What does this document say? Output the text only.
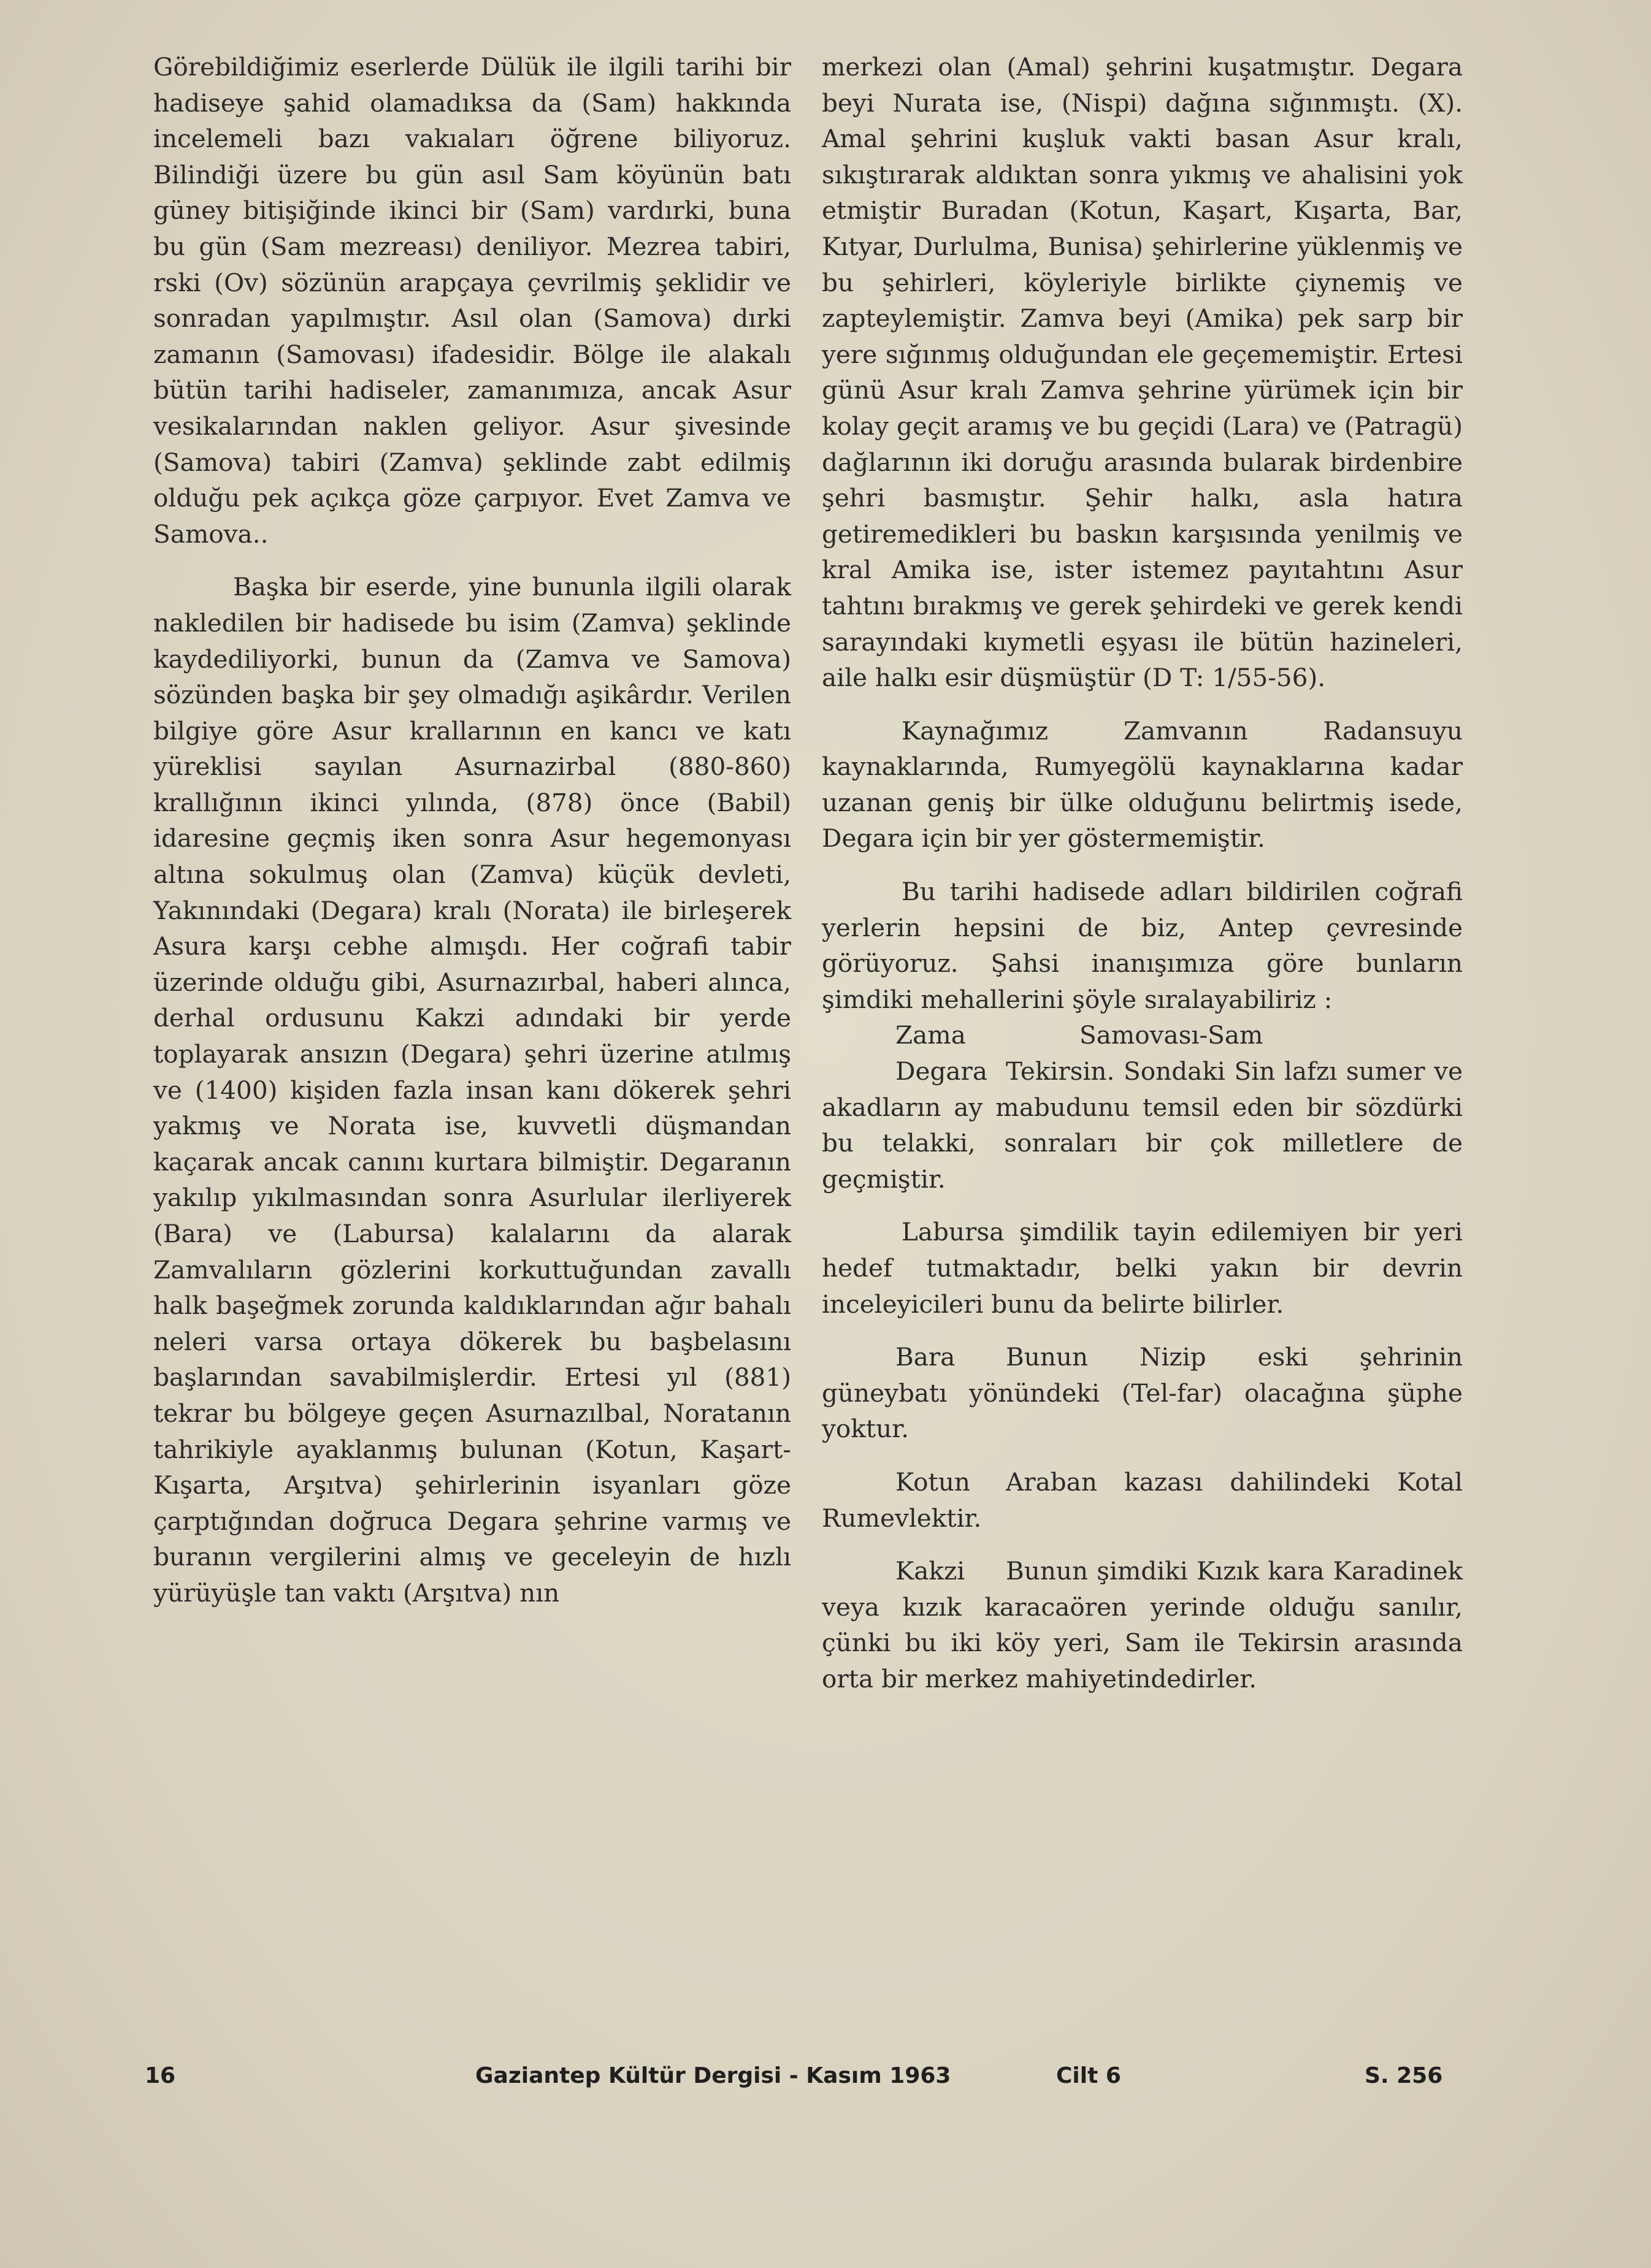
Görebildiğimiz eserlerde Dülük ile ilgili tarihi bir hadiseye şahid olamadıksa da (Sam) hakkında incelemeli bazı vakıaları öğrene biliyoruz. Bilindiği üzere bu gün asıl Sam köyünün batı güney bitişiğinde ikinci bir (Sam) vardırki, buna bu gün (Sam mezreası) deniliyor. Mezrea tabiri, rski (Ov) sözünün arapçaya çevrilmiş şeklidir ve sonradan yapılmıştır. Asıl olan (Samova) dırki zamanın (Samovası) ifadesidir. Bölge ile alakalı bütün tarihi hadiseler, zamanımıza, ancak Asur vesikalarından naklen geliyor. Asur şivesinde (Samova) tabiri (Zamva) şeklinde zabt edilmiş olduğu pek açıkça göze çarpıyor. Evet Zamva ve Samova..

Başka bir eserde, yine bununla ilgili olarak nakledilen bir hadisede bu isim (Zamva) şeklinde kaydediliyorki, bunun da (Zamva ve Samova) sözünden başka bir şey olmadığı aşikârdır. Verilen bilgiye göre Asur krallarının en kancı ve katı yüreklisi sayılan Asurnazirbal (880-860) krallığının ikinci yılında, (878) önce (Babil) idaresine geçmiş iken sonra Asur hegemonyası altına sokulmuş olan (Zamva) küçük devleti, Yakınındaki (Degara) kralı (Norata) ile birleşerek Asura karşı cebhe almışdı. Her coğrafi tabir üzerinde olduğu gibi, Asurnazırbal, haberi alınca, derhal ordusunu Kakzi adındaki bir yerde toplayarak ansızın (Degara) şehri üzerine atılmış ve (1400) kişiden fazla insan kanı dökerek şehri yakmış ve Norata ise, kuvvetli düşmandan kaçarak ancak canını kurtara bilmiştir. Degaranın yakılıp yıkılmasından sonra Asurlular ilerliyerek (Bara) ve (Labursa) kalalarını da alarak Zamvalıların gözlerini korkuttuğundan zavallı halk başeğmek zorunda kaldıklarından ağır bahalı neleri varsa ortaya dökerek bu başbelasını başlarından savabilmişlerdir. Ertesi yıl (881) tekrar bu bölgeye geçen Asurnazılbal, Noratanın tahrikiyle ayaklanmış bulunan (Kotun, Kaşart-Kışarta, Arşıtva) şehirlerinin isyanları göze çarptığından doğruca Degara şehrine varmış ve buranın vergilerini almış ve geceleyin de hızlı yürüyüşle tan vaktı (Arşıtva) nın

merkezi olan (Amal) şehrini kuşatmıştır. Degara beyi Nurata ise, (Nispi) dağına sığınmıştı. (X). Amal şehrini kuşluk vakti basan Asur kralı, sıkıştırarak aldıktan sonra yıkmış ve ahalisini yok etmiştir Buradan (Kotun, Kaşart, Kışarta, Bar, Kıtyar, Durlulma, Bunisa) şehirlerine yüklenmiş ve bu şehirleri, köyleriyle birlikte çiynemiş ve zapteylemiştir. Zamva beyi (Amika) pek sarp bir yere sığınmış olduğundan ele geçememiştir. Ertesi günü Asur kralı Zamva şehrine yürümek için bir kolay geçit aramış ve bu geçidi (Lara) ve (Patragü) dağlarının iki doruğu arasında bularak birdenbire şehri basmıştır. Şehir halkı, asla hatıra getiremedikleri bu baskın karşısında yenilmiş ve kral Amika ise, ister istemez payıtahtını Asur tahtını bırakmış ve gerek şehirdeki ve gerek kendi sarayındaki kıymetli eşyası ile bütün hazineleri, aile halkı esir düşmüştür (D T: 1/55-56).

Kaynağımız Zamvanın Radansuyu kaynaklarında, Rumyegölü kaynaklarına kadar uzanan geniş bir ülke olduğunu belirtmiş isede, Degara için bir yer göstermemiştir.

Bu tarihi hadisede adları bildirilen coğrafi yerlerin hepsini de biz, Antep çevresinde görüyoruz. Şahsi inanışımıza göre bunların şimdiki mehallerini şöyle sıralayabiliriz :

Zama	Samovası-Sam

Degara Tekirsin. Sondaki Sin lafzı sumer ve akadların ay mabudunu temsil eden bir sözdürki bu telakki, sonraları bir çok milletlere de geçmiştir.

Labursa şimdilik tayin edilemiyen bir yeri hedef tutmaktadır, belki yakın bir devrin inceleyicileri bunu da belirte bilirler.

Bara Bunun Nizip eski şehrinin güneybatı yönündeki (Tel-far) olacağına şüphe yoktur.

Kotun Araban kazası dahilindeki Kotal Rumevlektir.

Kakzi Bunun şimdiki Kızık kara Karadinek veya kızık karacaören yerinde olduğu sanılır, çünki bu iki köy yeri, Sam ile Tekirsin arasında orta bir merkez mahiyetindedirler.

16	Gaziantep Kültür Dergisi - Kasım 1963	Cilt 6	S. 256
